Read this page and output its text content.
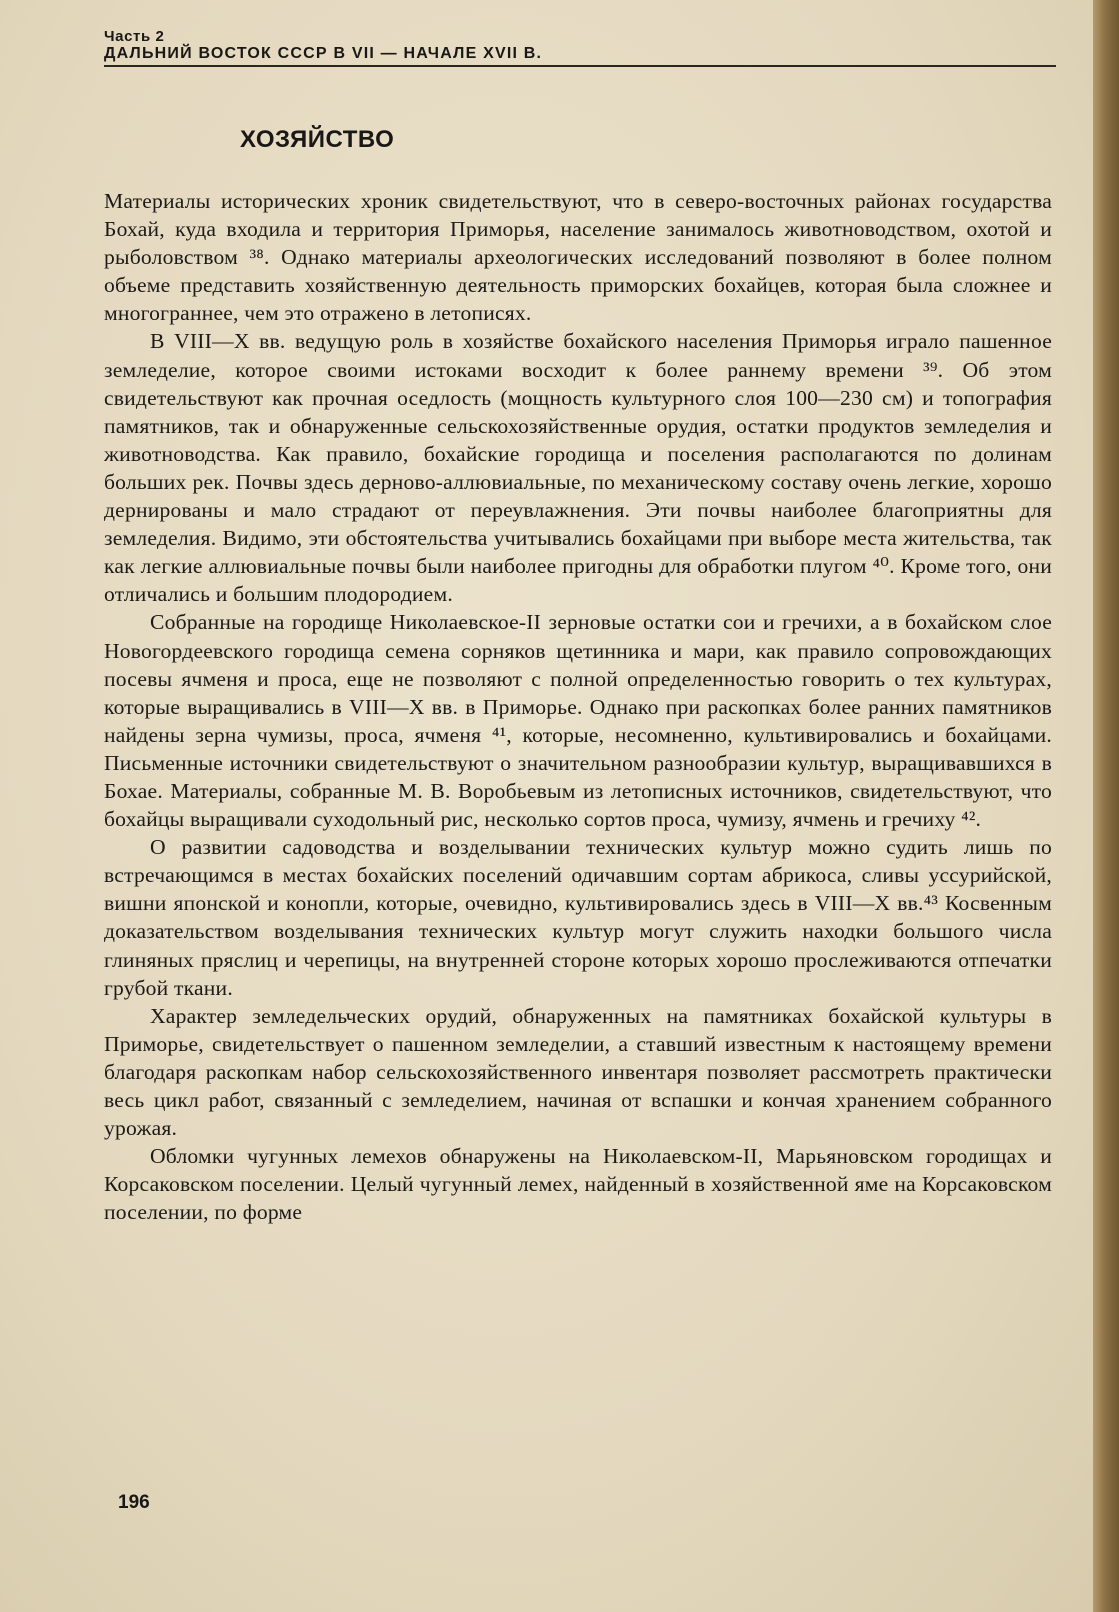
Часть 2
ДАЛЬНИЙ ВОСТОК СССР В VII — НАЧАЛЕ XVII В.
ХОЗЯЙСТВО

Материалы исторических хроник свидетельствуют, что в северо-восточных районах государства Бохай, куда входила и территория Приморья, население занималось животноводством, охотой и рыболовством ³⁸. Однако материалы археологических исследований позволяют в более полном объеме представить хозяйственную деятельность приморских бохайцев, которая была сложнее и многограннее, чем это отражено в летописях.

В VIII—X вв. ведущую роль в хозяйстве бохайского населения Приморья играло пашенное земледелие, которое своими истоками восходит к более раннему времени ³⁹. Об этом свидетельствуют как прочная оседлость (мощность культурного слоя 100—230 см) и топография памятников, так и обнаруженные сельскохозяйственные орудия, остатки продуктов земледелия и животноводства. Как правило, бохайские городища и поселения располагаются по долинам больших рек. Почвы здесь дерново-аллювиальные, по механическому составу очень легкие, хорошо дернированы и мало страдают от переувлажнения. Эти почвы наиболее благоприятны для земледелия. Видимо, эти обстоятельства учитывались бохайцами при выборе места жительства, так как легкие аллювиальные почвы были наиболее пригодны для обработки плугом ⁴⁰. Кроме того, они отличались и большим плодородием.

Собранные на городище Николаевское-II зерновые остатки сои и гречихи, а в бохайском слое Новогордеевского городища семена сорняков щетинника и мари, как правило сопровождающих посевы ячменя и проса, еще не позволяют с полной определенностью говорить о тех культурах, которые выращивались в VIII—X вв. в Приморье. Однако при раскопках более ранних памятников найдены зерна чумизы, проса, ячменя ⁴¹, которые, несомненно, культивировались и бохайцами. Письменные источники свидетельствуют о значительном разнообразии культур, выращивавшихся в Бохае. Материалы, собранные М. В. Воробьевым из летописных источников, свидетельствуют, что бохайцы выращивали суходольный рис, несколько сортов проса, чумизу, ячмень и гречиху ⁴².

О развитии садоводства и возделывании технических культур можно судить лишь по встречающимся в местах бохайских поселений одичавшим сортам абрикоса, сливы уссурийской, вишни японской и конопли, которые, очевидно, культивировались здесь в VIII—X вв.⁴³ Косвенным доказательством возделывания технических культур могут служить находки большого числа глиняных пряслиц и черепицы, на внутренней стороне которых хорошо прослеживаются отпечатки грубой ткани.

Характер земледельческих орудий, обнаруженных на памятниках бохайской культуры в Приморье, свидетельствует о пашенном земледелии, а ставший известным к настоящему времени благодаря раскопкам набор сельскохозяйственного инвентаря позволяет рассмотреть практически весь цикл работ, связанный с земледелием, начиная от вспашки и кончая хранением собранного урожая.

Обломки чугунных лемехов обнаружены на Николаевском-II, Марьяновском городищах и Корсаковском поселении. Целый чугунный лемех, найденный в хозяйственной яме на Корсаковском поселении, по форме

196
